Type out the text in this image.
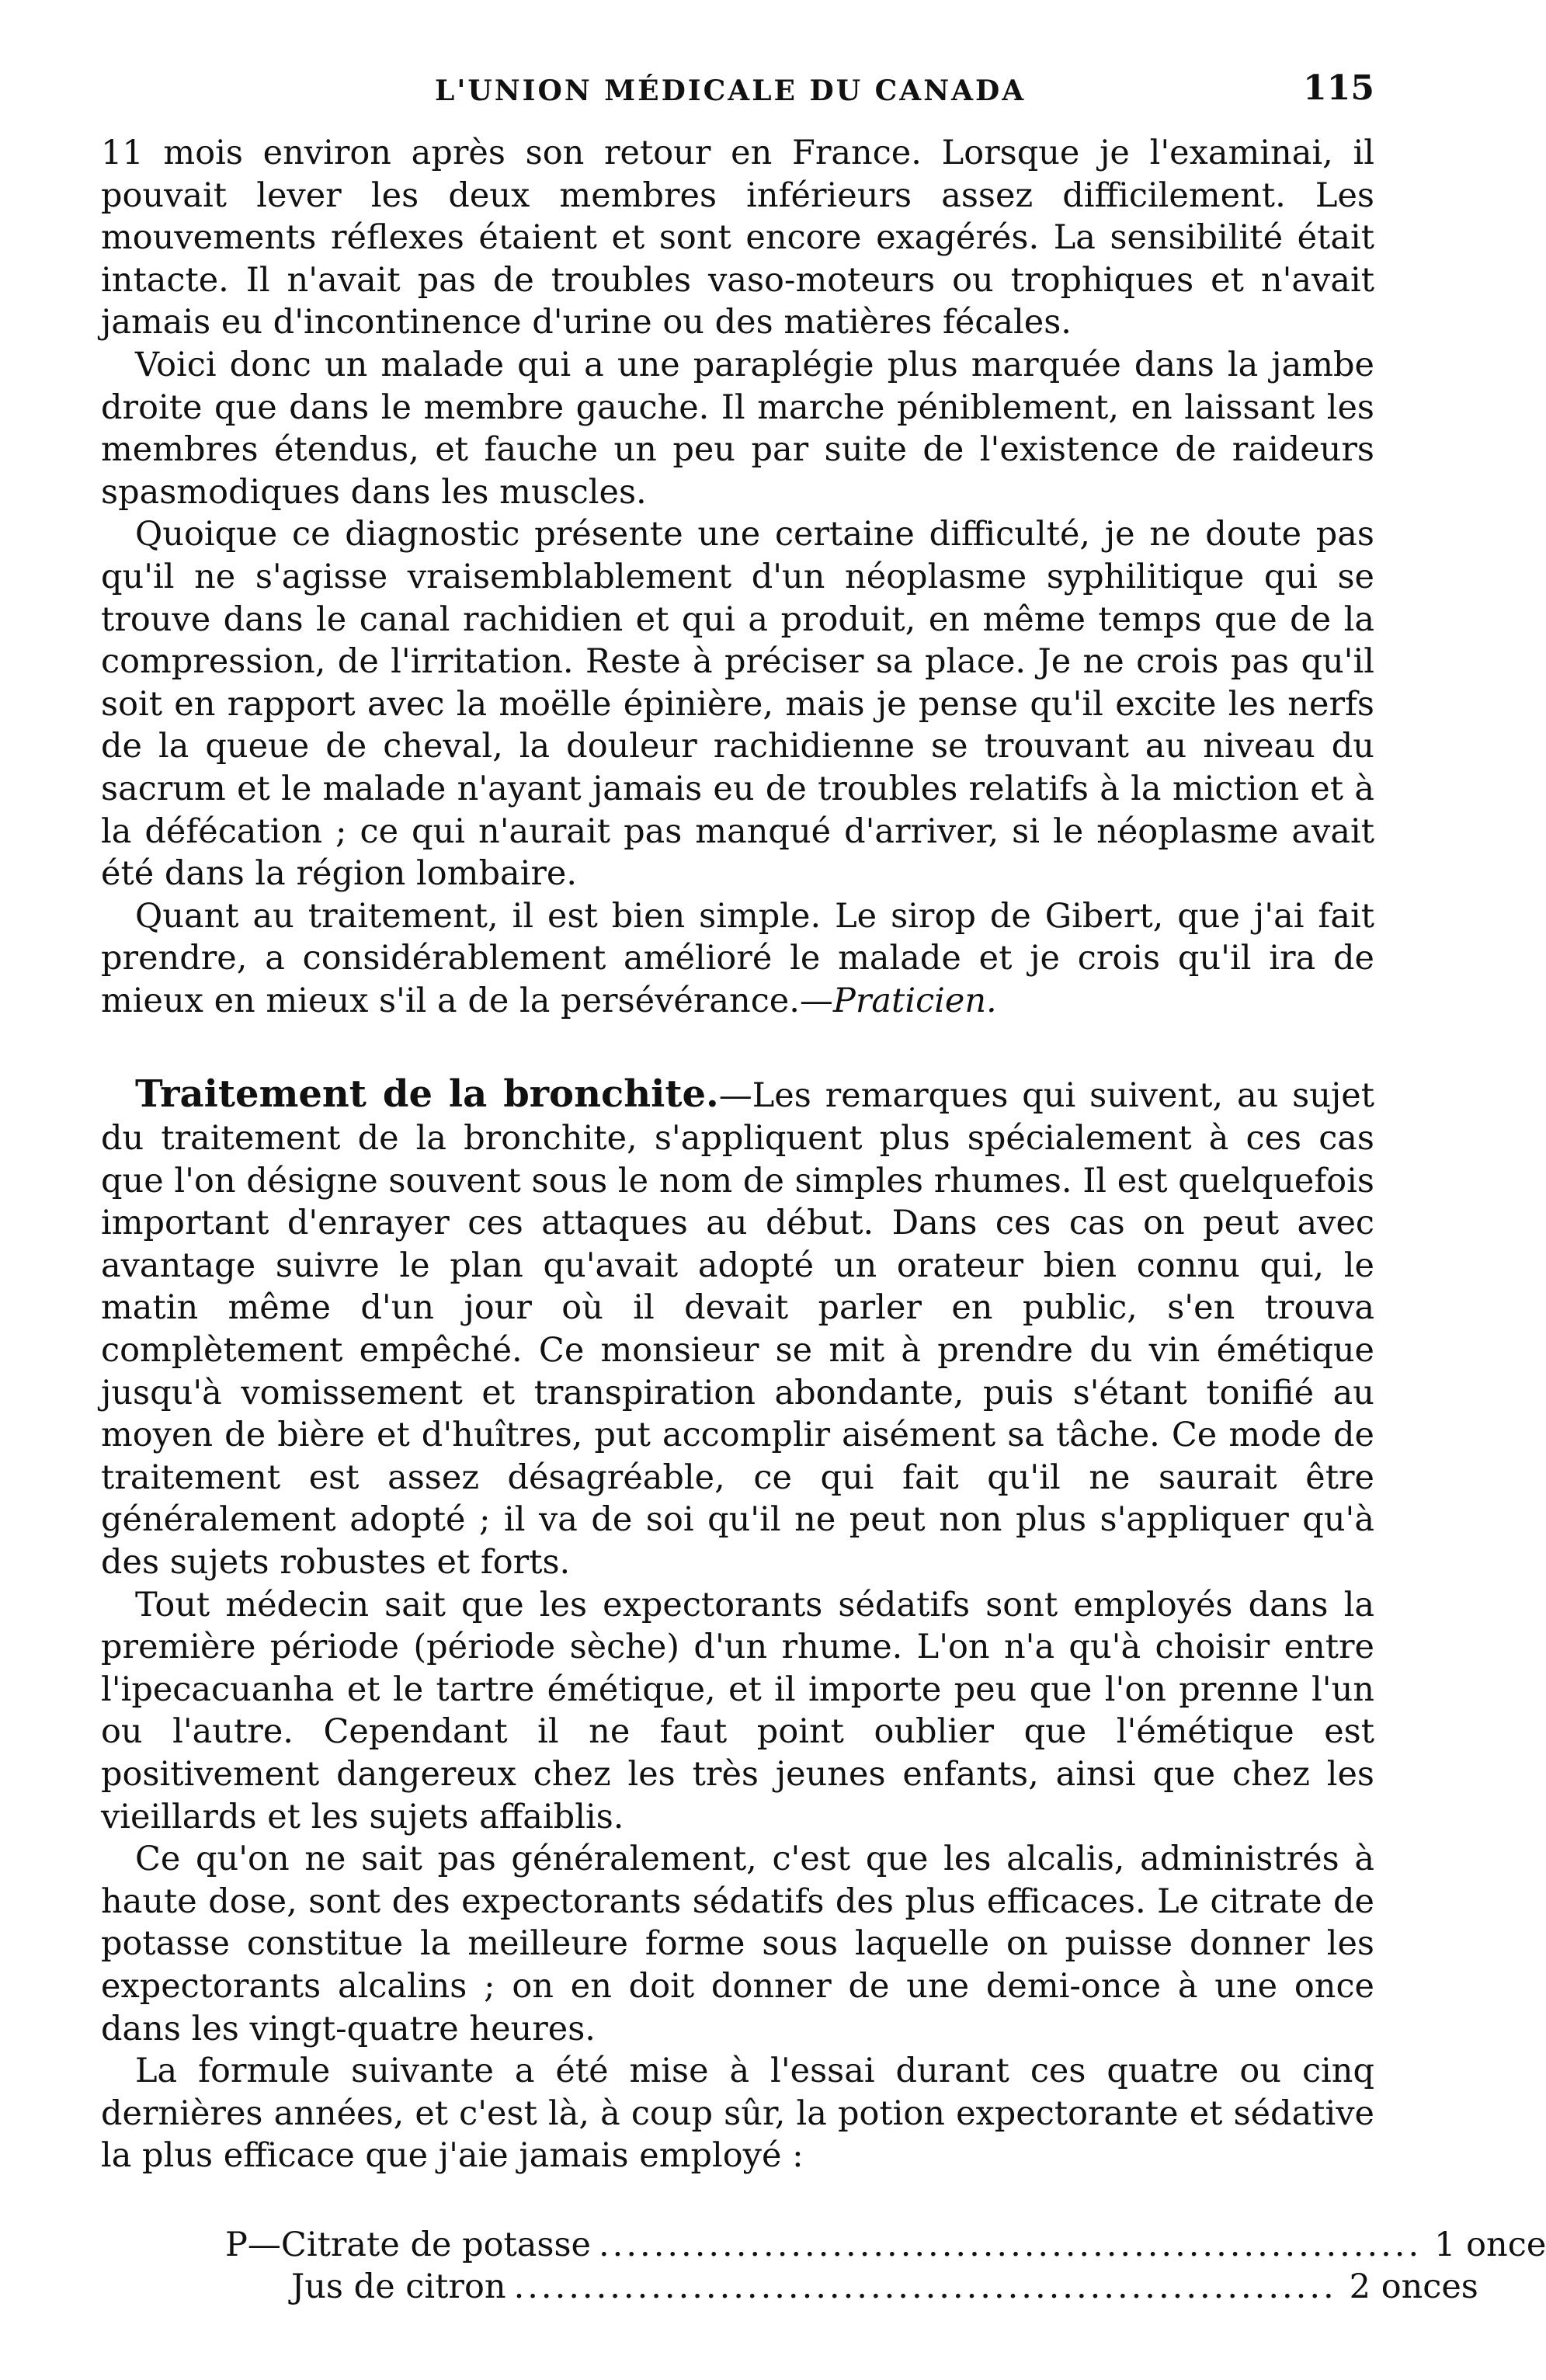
L'UNION MÉDICALE DU CANADA	115

11 mois environ après son retour en France. Lorsque je l'examinai, il pouvait lever les deux membres inférieurs assez difficilement. Les mouvements réflexes étaient et sont encore exagérés. La sensibilité était intacte. Il n'avait pas de troubles vaso-moteurs ou trophiques et n'avait jamais eu d'incontinence d'urine ou des matières fécales.

Voici donc un malade qui a une paraplégie plus marquée dans la jambe droite que dans le membre gauche. Il marche péniblement, en laissant les membres étendus, et fauche un peu par suite de l'existence de raideurs spasmodiques dans les muscles.

Quoique ce diagnostic présente une certaine difficulté, je ne doute pas qu'il ne s'agisse vraisemblablement d'un néoplasme syphilitique qui se trouve dans le canal rachidien et qui a produit, en même temps que de la compression, de l'irritation. Reste à préciser sa place. Je ne crois pas qu'il soit en rapport avec la moëlle épinière, mais je pense qu'il excite les nerfs de la queue de cheval, la douleur rachidienne se trouvant au niveau du sacrum et le malade n'ayant jamais eu de troubles relatifs à la miction et à la défécation ; ce qui n'aurait pas manqué d'arriver, si le néoplasme avait été dans la région lombaire.

Quant au traitement, il est bien simple. Le sirop de Gibert, que j'ai fait prendre, a considérablement amélioré le malade et je crois qu'il ira de mieux en mieux s'il a de la persévérance.—Praticien.

Traitement de la bronchite.—Les remarques qui suivent, au sujet du traitement de la bronchite, s'appliquent plus spécialement à ces cas que l'on désigne souvent sous le nom de simples rhumes. Il est quelquefois important d'enrayer ces attaques au début. Dans ces cas on peut avec avantage suivre le plan qu'avait adopté un orateur bien connu qui, le matin même d'un jour où il devait parler en public, s'en trouva complètement empêché. Ce monsieur se mit à prendre du vin émétique jusqu'à vomissement et transpiration abondante, puis s'étant tonifié au moyen de bière et d'huîtres, put accomplir aisément sa tâche. Ce mode de traitement est assez désagréable, ce qui fait qu'il ne saurait être généralement adopté ; il va de soi qu'il ne peut non plus s'appliquer qu'à des sujets robustes et forts.

Tout médecin sait que les expectorants sédatifs sont employés dans la première période (période sèche) d'un rhume. L'on n'a qu'à choisir entre l'ipecacuanha et le tartre émétique, et il importe peu que l'on prenne l'un ou l'autre. Cependant il ne faut point oublier que l'émétique est positivement dangereux chez les très jeunes enfants, ainsi que chez les vieillards et les sujets affaiblis.

Ce qu'on ne sait pas généralement, c'est que les alcalis, administrés à haute dose, sont des expectorants sédatifs des plus efficaces. Le citrate de potasse constitue la meilleure forme sous laquelle on puisse donner les expectorants alcalins ; on en doit donner de une demi-once à une once dans les vingt-quatre heures.

La formule suivante a été mise à l'essai durant ces quatre ou cinq dernières années, et c'est là, à coup sûr, la potion expectorante et sédative la plus efficace que j'aie jamais employé :

P—Citrate de potasse ............................................................ 1 once
Jus de citron ............................................................ 2 onces
